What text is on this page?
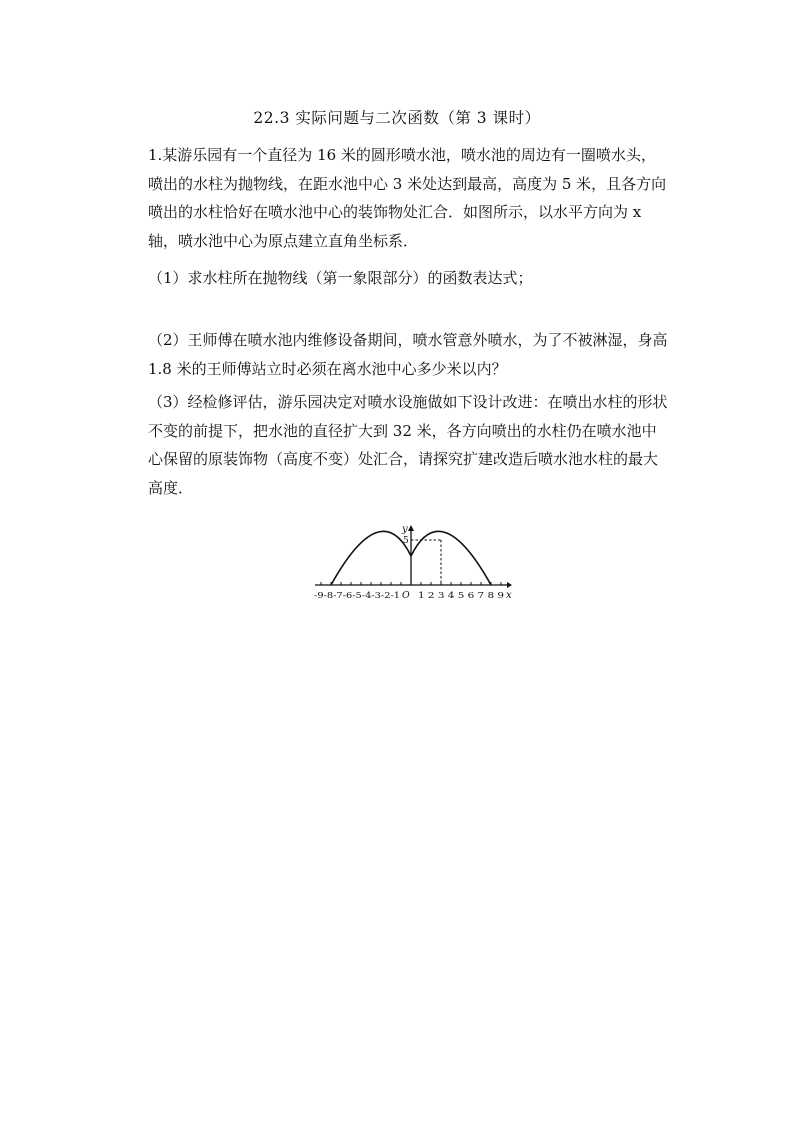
22.3 实际问题与二次函数（第 3 课时）
1.某游乐园有一个直径为 16 米的圆形喷水池，喷水池的周边有一圈喷水头，喷出的水柱为抛物线，在距水池中心 3 米处达到最高，高度为 5 米，且各方向喷出的水柱恰好在喷水池中心的装饰物处汇合．如图所示，以水平方向为 x 轴，喷水池中心为原点建立直角坐标系．
（1）求水柱所在抛物线（第一象限部分）的函数表达式；
（2）王师傅在喷水池内维修设备期间，喷水管意外喷水，为了不被淋湿，身高 1.8 米的王师傅站立时必须在离水池中心多少米以内？
（3）经检修评估，游乐园决定对喷水设施做如下设计改进：在喷出水柱的形状不变的前提下，把水池的直径扩大到 32 米，各方向喷出的水柱仍在喷水池中心保留的原装饰物（高度不变）处汇合，请探究扩建改造后喷水池水柱的最大高度．
y
5
O	x
-9-8-7-6-5-4-3-2-1 1 2 3 4 5 6 7 8 9
